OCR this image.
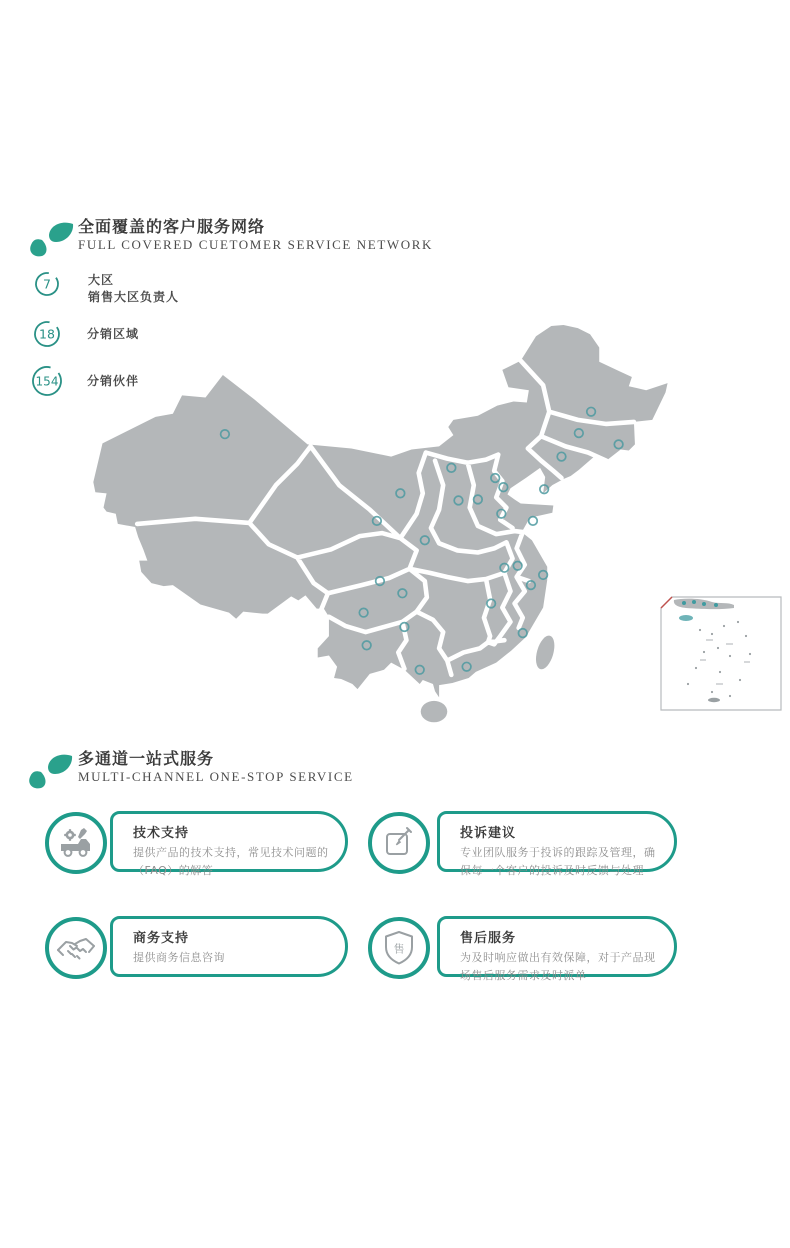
全面覆盖的客户服务网络
FULL COVERED CUETOMER SERVICE NETWORK
7	大区
销售大区负责人
18	分销区域
154 分销伙伴
多通道一站式服务
MULTI-CHANNEL ONE-STOP SERVICE
技术支持
提供产品的技术支持，常见技术问题的（FAQ）的解答
投诉建议
专业团队服务于投诉的跟踪及管理，确保每一个客户的投诉及时反馈与处理
商务支持
提供商务信息咨询
售
售后服务
为及时响应做出有效保障，对于产品现场售后服务需求及时派单
